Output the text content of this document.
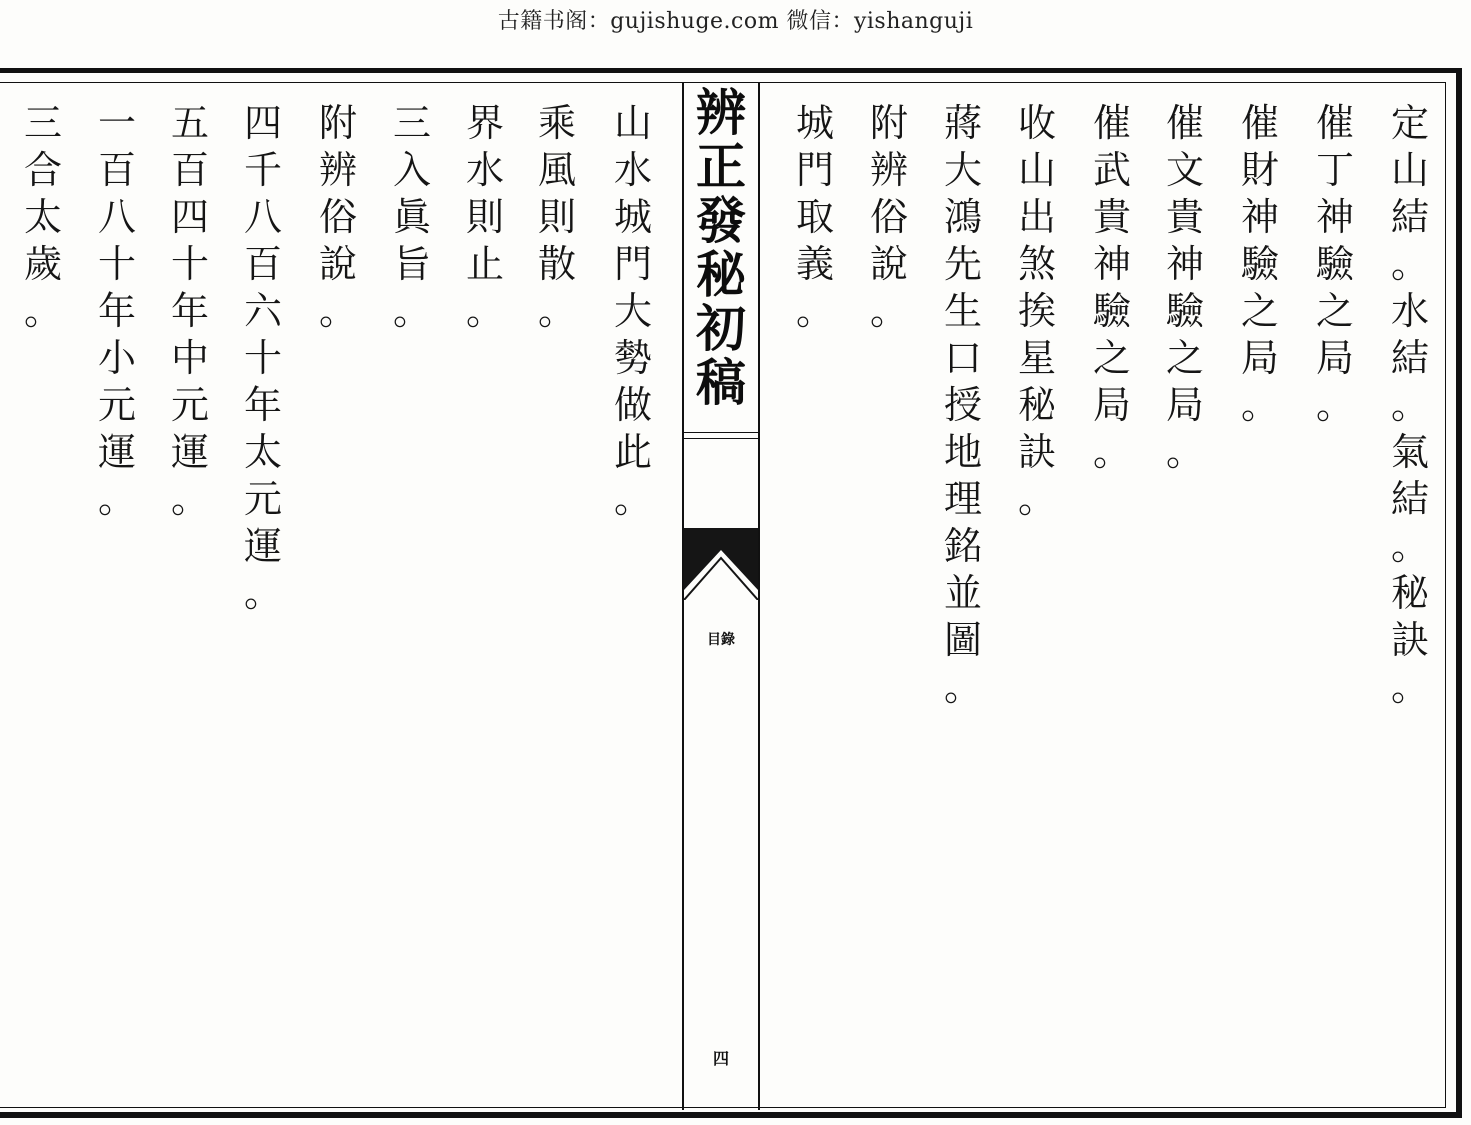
古籍书阁：gujishuge.com 微信：yishanguji
定
山
結
。
水
結
。
氣
結
。
秘
訣
。
催
丁
神
驗
之
局
。
催
財
神
驗
之
局
。
催
文
貴
神
驗
之
局
。
催
武
貴
神
驗
之
局
。
收
山
出
煞
挨
星
秘
訣
。
蔣
大
鴻
先
生
口
授
地
理
銘
並
圖
。
附
辨
俗
說
。
城
門
取
義
。
辨正發秘初稿
目錄
四
山
水
城
門
大
勢
做
此
。
乘
風
則
散
。
界
水
則
止
。
三
入
眞
旨
。
附
辨
俗
說
。
四
千
八
百
六
十
年
太
元
運
。
五
百
四
十
年
中
元
運
。
一
百
八
十
年
小
元
運
。
三
合
太
歲
。
